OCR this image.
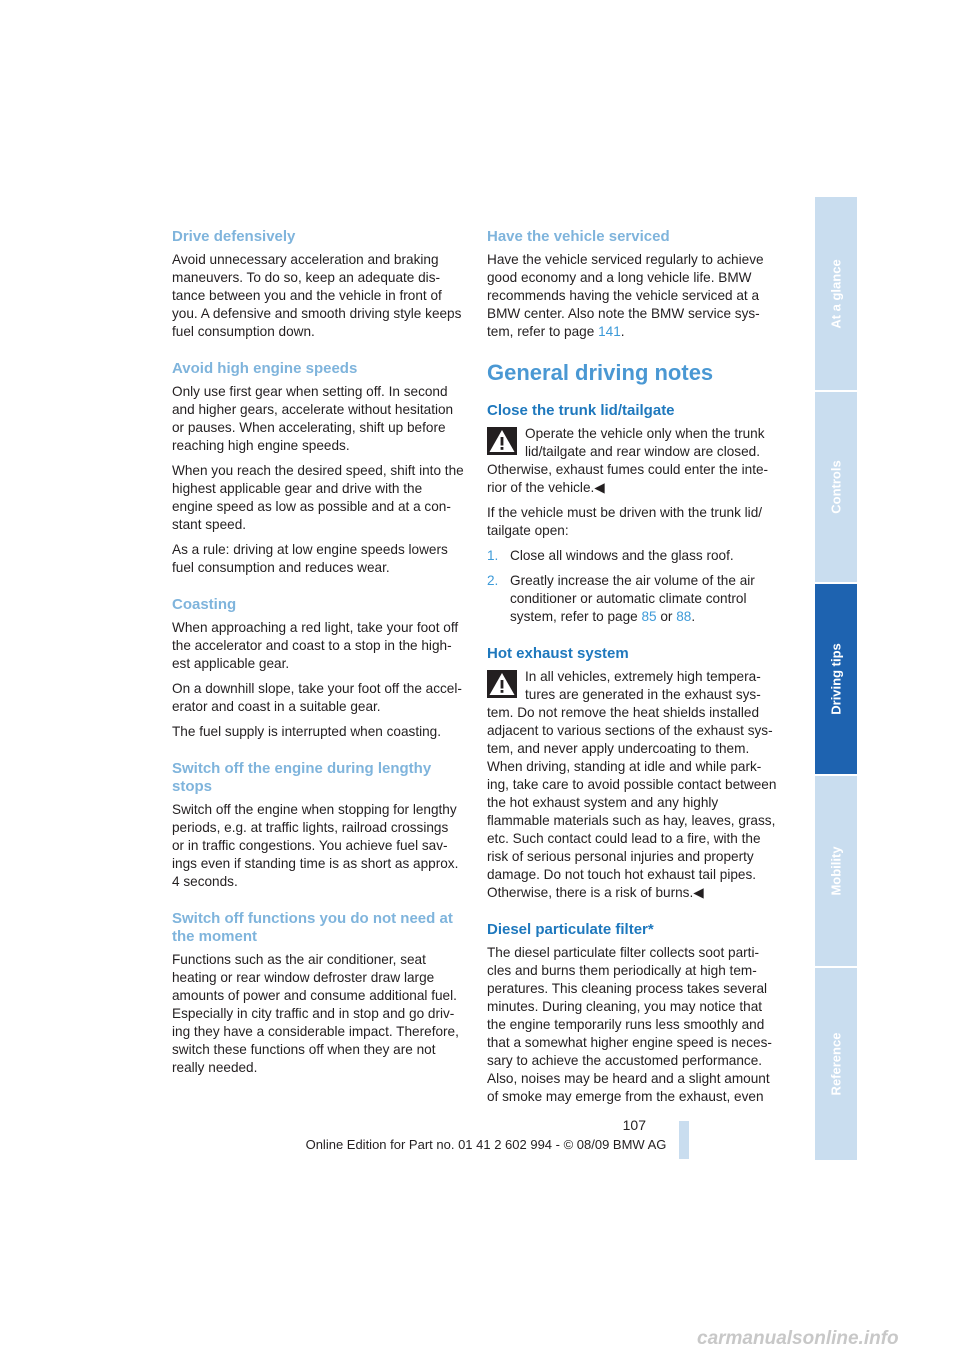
Drive defensively

Avoid unnecessary acceleration and braking maneuvers. To do so, keep an adequate dis-tance between you and the vehicle in front of you. A defensive and smooth driving style keeps fuel consumption down.

Avoid high engine speeds

Only use first gear when setting off. In second and higher gears, accelerate without hesitation or pauses. When accelerating, shift up before reaching high engine speeds.

When you reach the desired speed, shift into the highest applicable gear and drive with the engine speed as low as possible and at a con-stant speed.

As a rule: driving at low engine speeds lowers fuel consumption and reduces wear.

Coasting

When approaching a red light, take your foot off the accelerator and coast to a stop in the high-est applicable gear.

On a downhill slope, take your foot off the accel-erator and coast in a suitable gear.

The fuel supply is interrupted when coasting.

Switch off the engine during lengthy stops

Switch off the engine when stopping for lengthy periods, e.g. at traffic lights, railroad crossings or in traffic congestions. You achieve fuel sav-ings even if standing time is as short as approx. 4 seconds.

Switch off functions you do not need at the moment

Functions such as the air conditioner, seat heating or rear window defroster draw large amounts of power and consume additional fuel. Especially in city traffic and in stop and go driv-ing they have a considerable impact. Therefore, switch these functions off when they are not really needed.

Have the vehicle serviced

Have the vehicle serviced regularly to achieve good economy and a long vehicle life. BMW recommends having the vehicle serviced at a BMW center. Also note the BMW service sys-tem, refer to page 141.

General driving notes
Close the trunk lid/tailgate

Operate the vehicle only when the trunk lid/tailgate and rear window are closed. Otherwise, exhaust fumes could enter the inte-rior of the vehicle.◀

If the vehicle must be driven with the trunk lid/ tailgate open:

1. Close all windows and the glass roof.
2. Greatly increase the air volume of the air conditioner or automatic climate control system, refer to page 85 or 88.
Hot exhaust system

In all vehicles, extremely high tempera-tures are generated in the exhaust sys-tem. Do not remove the heat shields installed adjacent to various sections of the exhaust sys-tem, and never apply undercoating to them. When driving, standing at idle and while park-ing, take care to avoid possible contact between the hot exhaust system and any highly flammable materials such as hay, leaves, grass, etc. Such contact could lead to a fire, with the risk of serious personal injuries and property damage. Do not touch hot exhaust tail pipes. Otherwise, there is a risk of burns.◀

Diesel particulate filter*

The diesel particulate filter collects soot parti-cles and burns them periodically at high tem-peratures. This cleaning process takes several minutes. During cleaning, you may notice that the engine temporarily runs less smoothly and that a somewhat higher engine speed is neces-sary to achieve the accustomed performance. Also, noises may be heard and a slight amount of smoke may emerge from the exhaust, even

At a glance
Controls
Driving tips
Mobility
Reference
107
Online Edition for Part no. 01 41 2 602 994 - © 08/09 BMW AG
carmanualsonline.info
